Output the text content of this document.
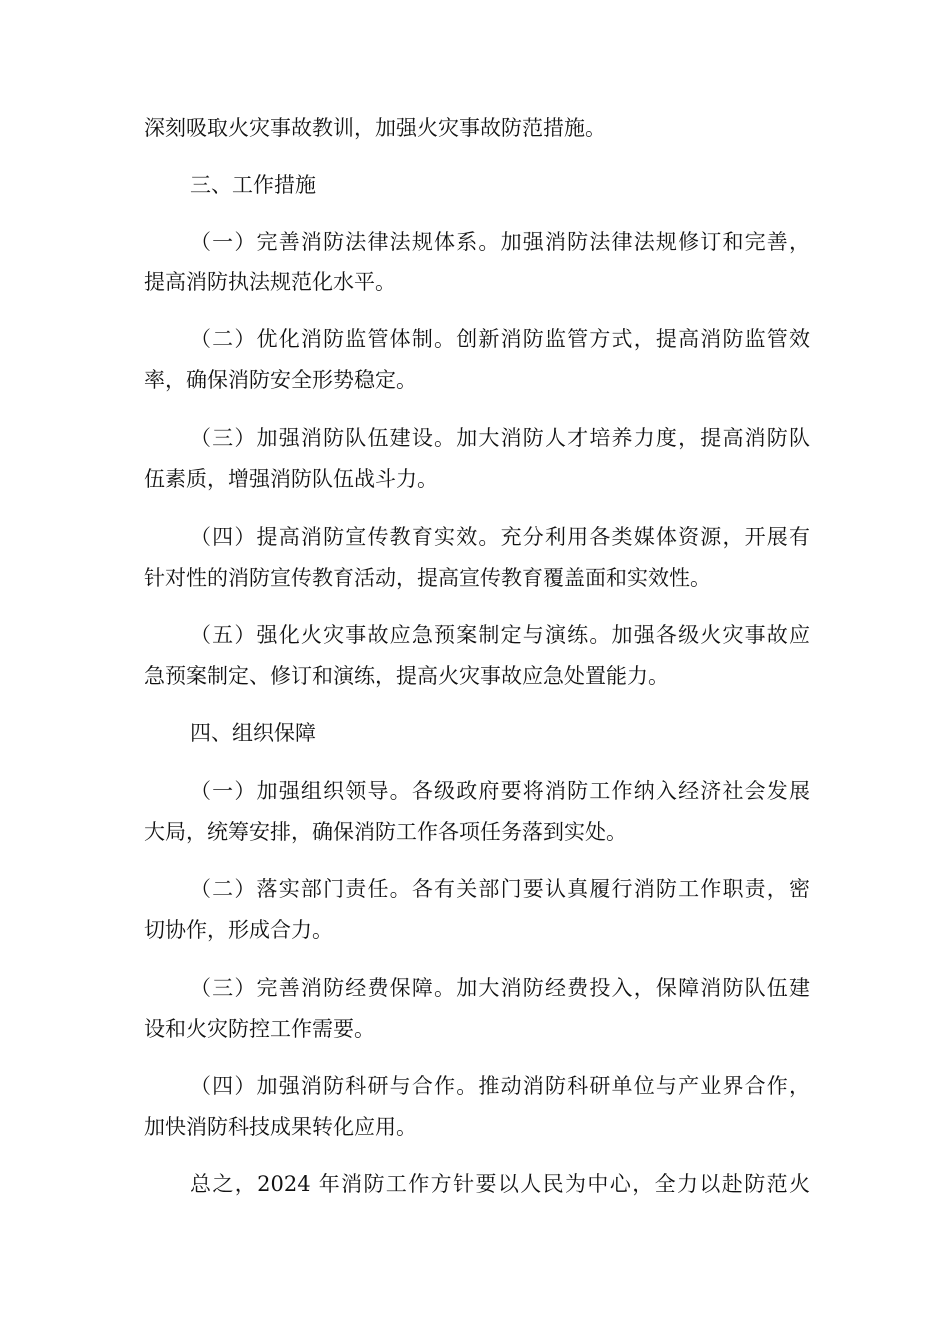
深刻吸取火灾事故教训，加强火灾事故防范措施。
三、工作措施
（一）完善消防法律法规体系。加强消防法律法规修订和完善，
提高消防执法规范化水平。
（二）优化消防监管体制。创新消防监管方式，提高消防监管效
率，确保消防安全形势稳定。
（三）加强消防队伍建设。加大消防人才培养力度，提高消防队
伍素质，增强消防队伍战斗力。
（四）提高消防宣传教育实效。充分利用各类媒体资源，开展有
针对性的消防宣传教育活动，提高宣传教育覆盖面和实效性。
（五）强化火灾事故应急预案制定与演练。加强各级火灾事故应
急预案制定、修订和演练，提高火灾事故应急处置能力。
四、组织保障
（一）加强组织领导。各级政府要将消防工作纳入经济社会发展
大局，统筹安排，确保消防工作各项任务落到实处。
（二）落实部门责任。各有关部门要认真履行消防工作职责，密
切协作，形成合力。
（三）完善消防经费保障。加大消防经费投入，保障消防队伍建
设和火灾防控工作需要。
（四）加强消防科研与合作。推动消防科研单位与产业界合作，
加快消防科技成果转化应用。
总之，2024 年消防工作方针要以人民为中心，全力以赴防范火
